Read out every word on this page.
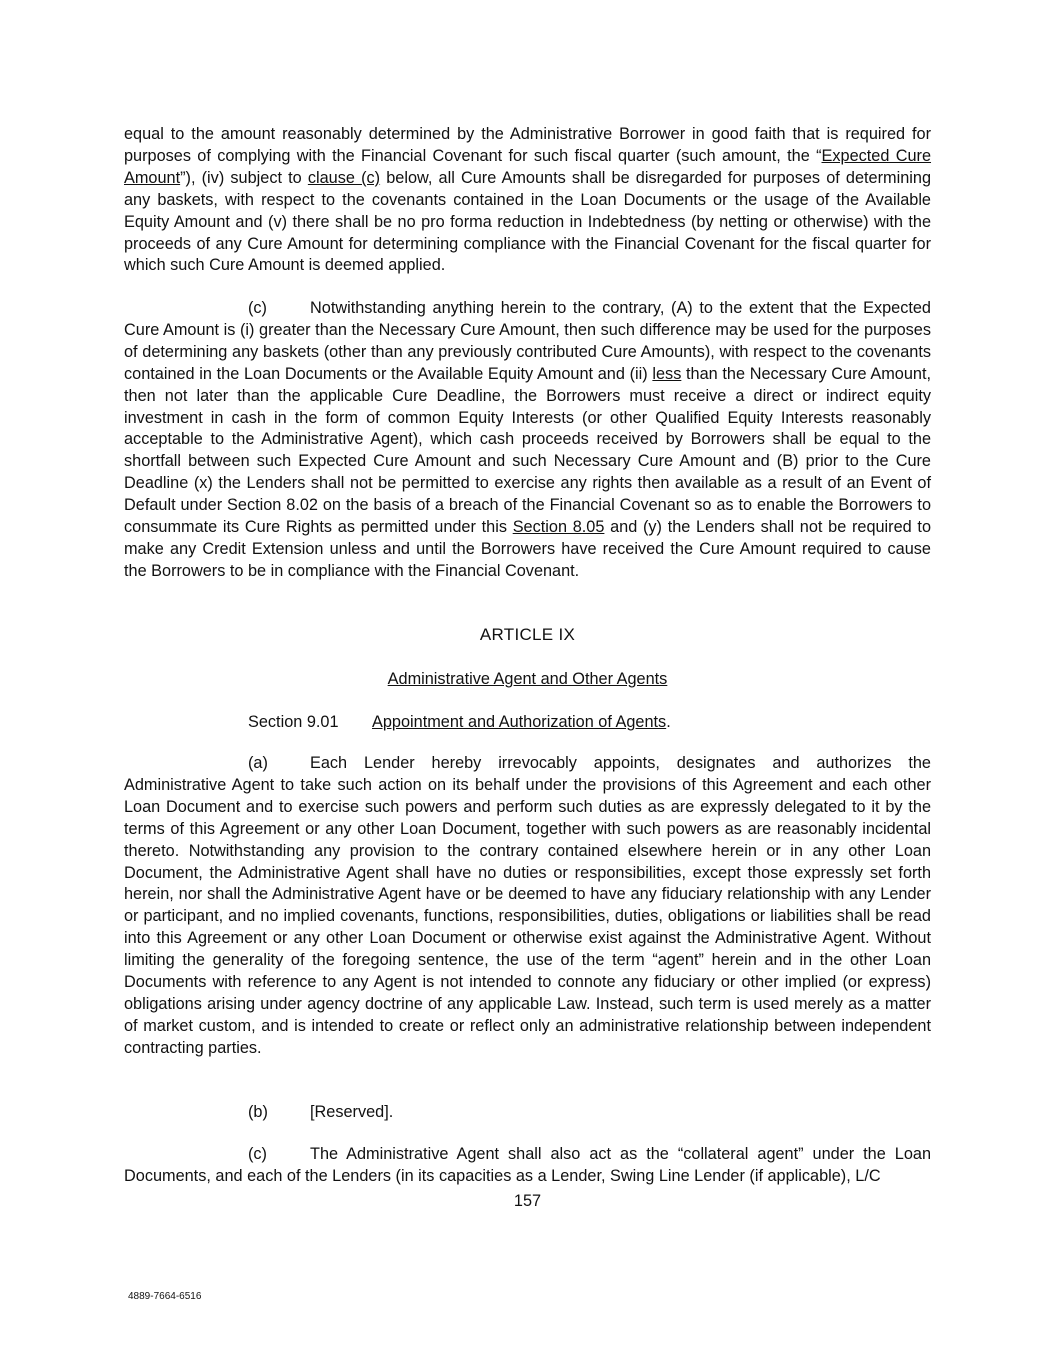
equal to the amount reasonably determined by the Administrative Borrower in good faith that is required for purposes of complying with the Financial Covenant for such fiscal quarter (such amount, the “Expected Cure Amount”), (iv) subject to clause (c) below, all Cure Amounts shall be disregarded for purposes of determining any baskets, with respect to the covenants contained in the Loan Documents or the usage of the Available Equity Amount and (v) there shall be no pro forma reduction in Indebtedness (by netting or otherwise) with the proceeds of any Cure Amount for determining compliance with the Financial Covenant for the fiscal quarter for which such Cure Amount is deemed applied.

(c)	Notwithstanding anything herein to the contrary, (A) to the extent that the Expected Cure Amount is (i) greater than the Necessary Cure Amount, then such difference may be used for the purposes of determining any baskets (other than any previously contributed Cure Amounts), with respect to the covenants contained in the Loan Documents or the Available Equity Amount and (ii) less than the Necessary Cure Amount, then not later than the applicable Cure Deadline, the Borrowers must receive a direct or indirect equity investment in cash in the form of common Equity Interests (or other Qualified Equity Interests reasonably acceptable to the Administrative Agent), which cash proceeds received by Borrowers shall be equal to the shortfall between such Expected Cure Amount and such Necessary Cure Amount and (B) prior to the Cure Deadline (x) the Lenders shall not be permitted to exercise any rights then available as a result of an Event of Default under Section 8.02 on the basis of a breach of the Financial Covenant so as to enable the Borrowers to consummate its Cure Rights as permitted under this Section 8.05 and (y) the Lenders shall not be required to make any Credit Extension unless and until the Borrowers have received the Cure Amount required to cause the Borrowers to be in compliance with the Financial Covenant.

ARTICLE IX
Administrative Agent and Other Agents
Section 9.01 Appointment and Authorization of Agents.

(a)	Each Lender hereby irrevocably appoints, designates and authorizes the Administrative Agent to take such action on its behalf under the provisions of this Agreement and each other Loan Document and to exercise such powers and perform such duties as are expressly delegated to it by the terms of this Agreement or any other Loan Document, together with such powers as are reasonably incidental thereto. Notwithstanding any provision to the contrary contained elsewhere herein or in any other Loan Document, the Administrative Agent shall have no duties or responsibilities, except those expressly set forth herein, nor shall the Administrative Agent have or be deemed to have any fiduciary relationship with any Lender or participant, and no implied covenants, functions, responsibilities, duties, obligations or liabilities shall be read into this Agreement or any other Loan Document or otherwise exist against the Administrative Agent. Without limiting the generality of the foregoing sentence, the use of the term “agent” herein and in the other Loan Documents with reference to any Agent is not intended to connote any fiduciary or other implied (or express) obligations arising under agency doctrine of any applicable Law. Instead, such term is used merely as a matter of market custom, and is intended to create or reflect only an administrative relationship between independent contracting parties.

(b)	[Reserved].

(c)	The Administrative Agent shall also act as the “collateral agent” under the Loan Documents, and each of the Lenders (in its capacities as a Lender, Swing Line Lender (if applicable), L/C

157
4889-7664-6516
